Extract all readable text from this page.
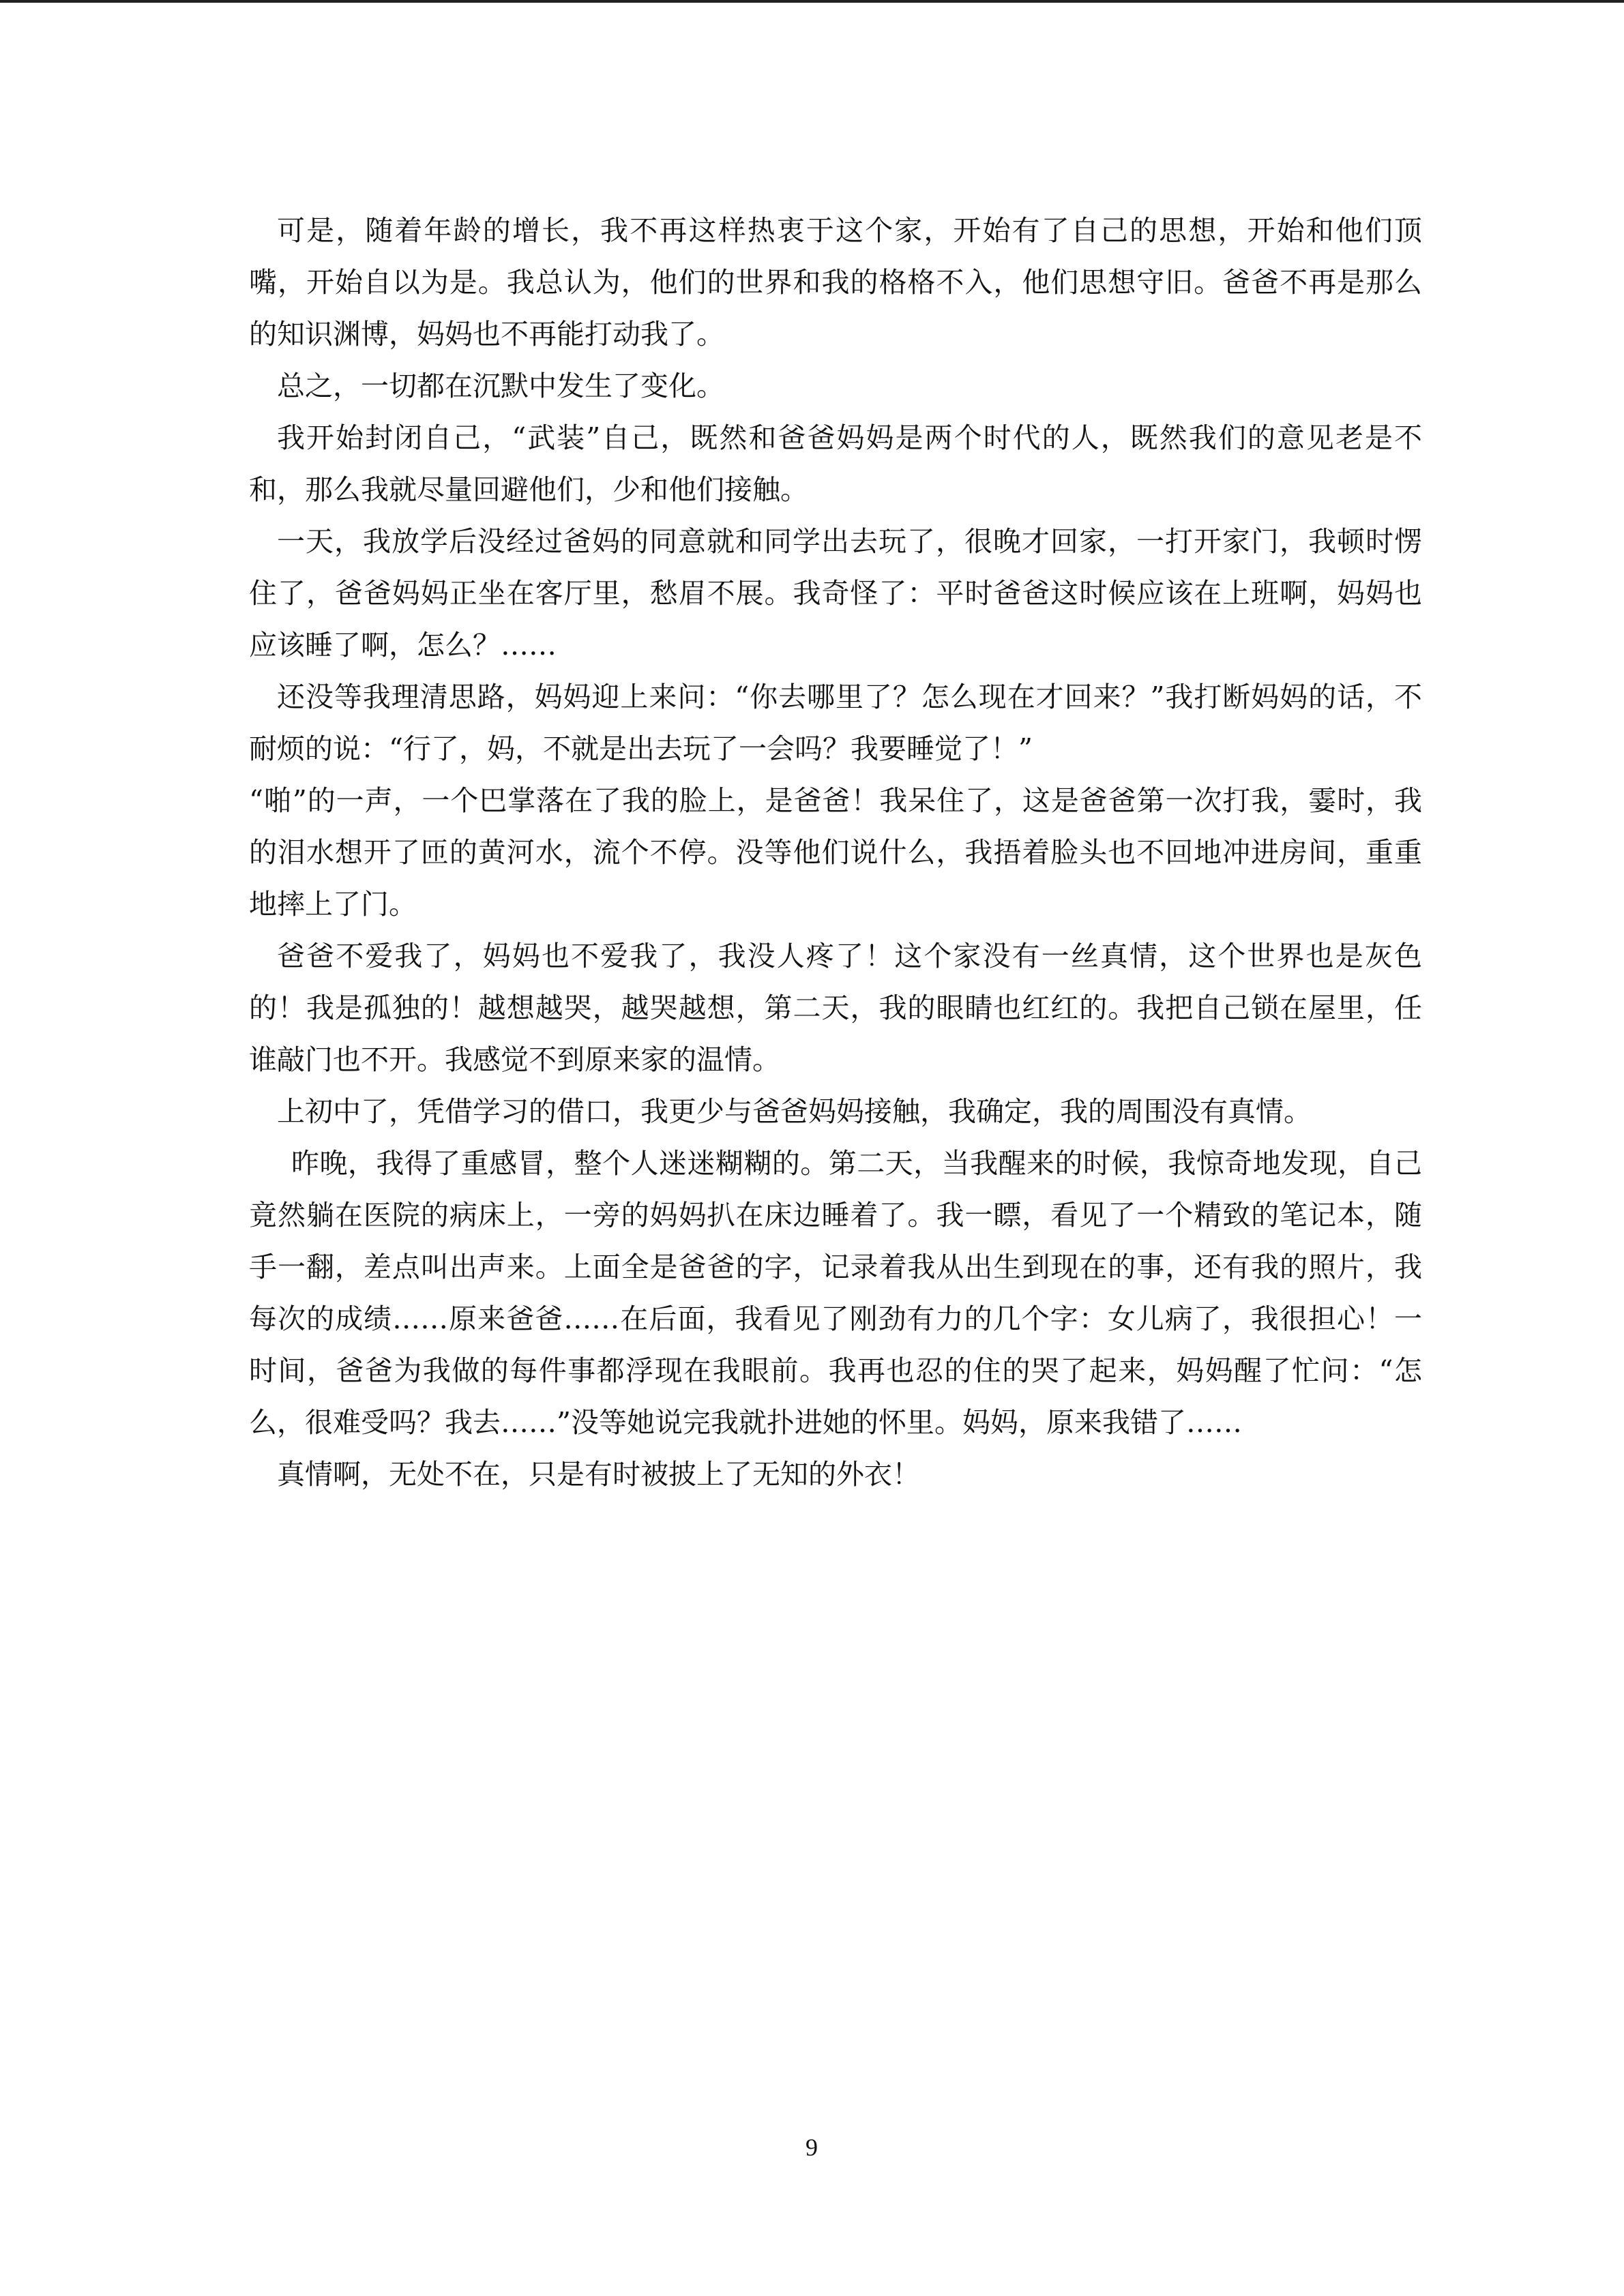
可是，随着年龄的增长，我不再这样热衷于这个家，开始有了自己的思想，开始和他们顶嘴，开始自以为是。我总认为，他们的世界和我的格格不入，他们思想守旧。爸爸不再是那么的知识渊博，妈妈也不再能打动我了。

总之，一切都在沉默中发生了变化。

我开始封闭自己，“武装”自己，既然和爸爸妈妈是两个时代的人，既然我们的意见老是不和，那么我就尽量回避他们，少和他们接触。

一天，我放学后没经过爸妈的同意就和同学出去玩了，很晚才回家，一打开家门，我顿时愣住了，爸爸妈妈正坐在客厅里，愁眉不展。我奇怪了：平时爸爸这时候应该在上班啊，妈妈也应该睡了啊，怎么？……

还没等我理清思路，妈妈迎上来问：“你去哪里了？怎么现在才回来？”我打断妈妈的话，不耐烦的说：“行了，妈，不就是出去玩了一会吗？我要睡觉了！”

“啪”的一声，一个巴掌落在了我的脸上，是爸爸！我呆住了，这是爸爸第一次打我，霎时，我的泪水想开了匝的黄河水，流个不停。没等他们说什么，我捂着脸头也不回地冲进房间，重重地摔上了门。

爸爸不爱我了，妈妈也不爱我了，我没人疼了！这个家没有一丝真情，这个世界也是灰色的！我是孤独的！越想越哭，越哭越想，第二天，我的眼睛也红红的。我把自己锁在屋里，任谁敲门也不开。我感觉不到原来家的温情。

上初中了，凭借学习的借口，我更少与爸爸妈妈接触，我确定，我的周围没有真情。

昨晚，我得了重感冒，整个人迷迷糊糊的。第二天，当我醒来的时候，我惊奇地发现，自己竟然躺在医院的病床上，一旁的妈妈扒在床边睡着了。我一瞟，看见了一个精致的笔记本，随手一翻，差点叫出声来。上面全是爸爸的字，记录着我从出生到现在的事，还有我的照片，我每次的成绩……原来爸爸……在后面，我看见了刚劲有力的几个字：女儿病了，我很担心！一时间，爸爸为我做的每件事都浮现在我眼前。我再也忍的住的哭了起来，妈妈醒了忙问：“怎么，很难受吗？我去……”没等她说完我就扑进她的怀里。妈妈，原来我错了……

真情啊，无处不在，只是有时被披上了无知的外衣！

9
